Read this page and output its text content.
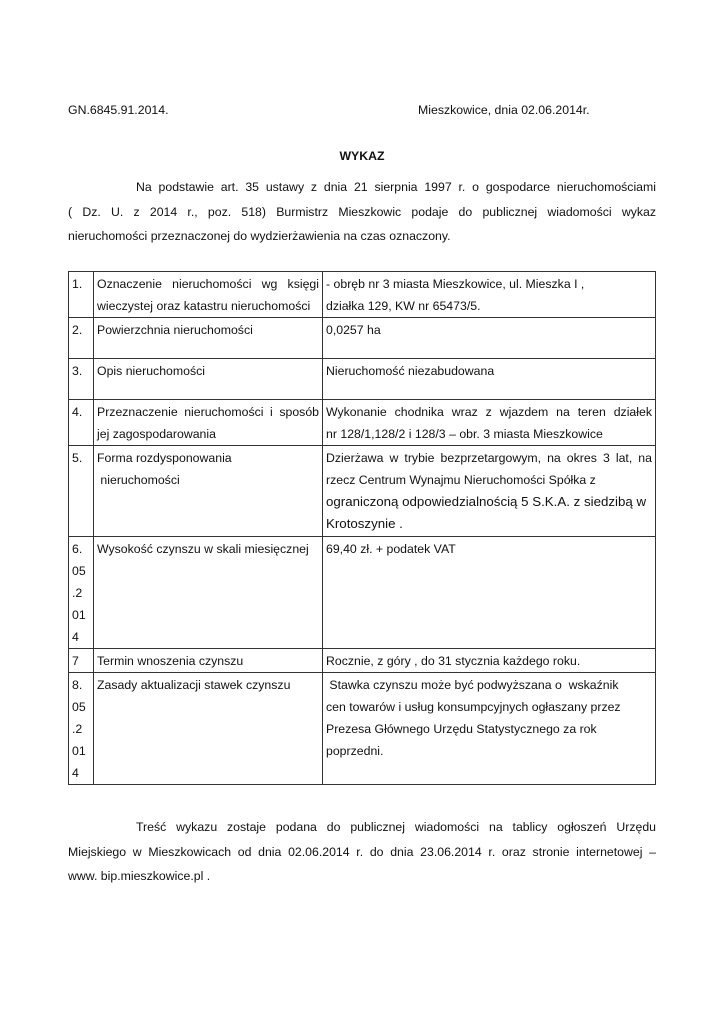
GN.6845.91.2014.	Mieszkowice, dnia 02.06.2014r.
WYKAZ

Na podstawie art. 35 ustawy z dnia 21 sierpnia 1997 r. o gospodarce nieruchomościami
( Dz. U. z 2014 r., poz. 518) Burmistrz Mieszkowic podaje do publicznej wiadomości wykaz
nieruchomości przeznaczonej do wydzierżawienia na czas oznaczony.

1.	Oznaczenie nieruchomości wg księgi
wieczystej oraz katastru nieruchomości	- obręb nr 3 miasta Mieszkowice, ul. Mieszka I ,
działka 129, KW nr 65473/5.

2.	Powierzchnia nieruchomości	0,0257 ha

3.	Opis nieruchomości	Nieruchomość niezabudowana

4.	Przeznaczenie nieruchomości i sposób
jej zagospodarowania	Wykonanie chodnika wraz z wjazdem na teren działek
nr 128/1,128/2 i 128/3 – obr. 3 miasta Mieszkowice

5.	Forma rozdysponowania
nieruchomości	Dzierżawa w trybie bezprzetargowym, na okres 3 lat, na
rzecz Centrum Wynajmu Nieruchomości Spółka z
ograniczoną odpowiedzialnością 5 S.K.A. z siedzibą w
Krotoszynie .

6.
05
.2
01
4	Wysokość czynszu w skali miesięcznej	69,40 zł. + podatek VAT

7	Termin wnoszenia czynszu	Rocznie, z góry , do 31 stycznia każdego roku.

8.
05
.2
01
4	Zasady aktualizacji stawek czynszu	Stawka czynszu może być podwyższana o  wskaźnik
cen towarów i usług konsumpcyjnych ogłaszany przez
Prezesa Głównego Urzędu Statystycznego za rok
poprzedni.

Treść wykazu zostaje podana do publicznej wiadomości na tablicy ogłoszeń Urzędu
Miejskiego w Mieszkowicach od dnia 02.06.2014 r. do dnia 23.06.2014 r. oraz stronie internetowej –
www. bip.mieszkowice.pl .
